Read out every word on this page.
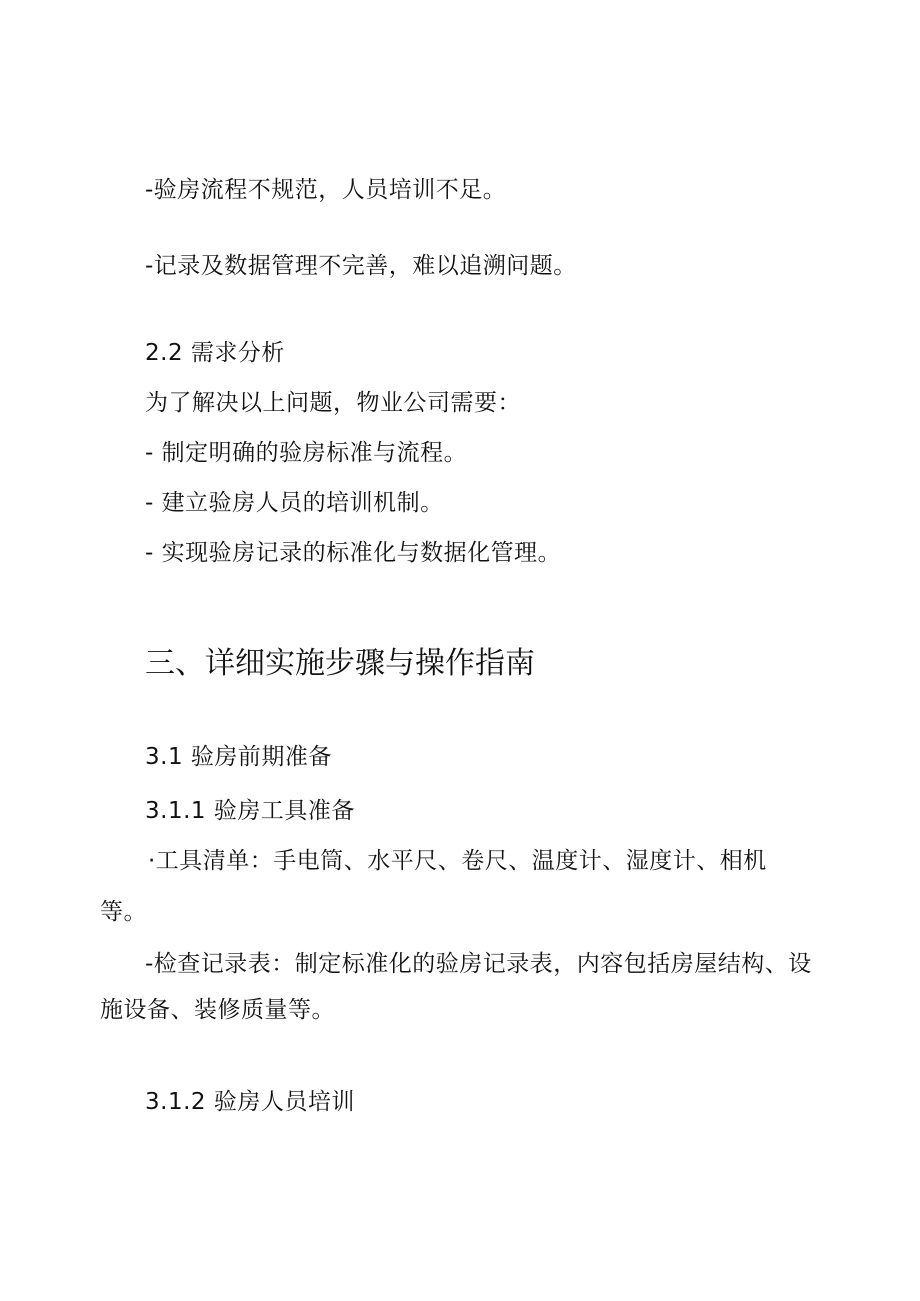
-验房流程不规范，人员培训不足。
-记录及数据管理不完善，难以追溯问题。
2.2 需求分析
为了解决以上问题，物业公司需要：
- 制定明确的验房标准与流程。
- 建立验房人员的培训机制。
- 实现验房记录的标准化与数据化管理。
三、详细实施步骤与操作指南
3.1 验房前期准备
3.1.1 验房工具准备
·工具清单：手电筒、水平尺、卷尺、温度计、湿度计、相机
等。
-检查记录表：制定标准化的验房记录表，内容包括房屋结构、设
施设备、装修质量等。
3.1.2 验房人员培训
